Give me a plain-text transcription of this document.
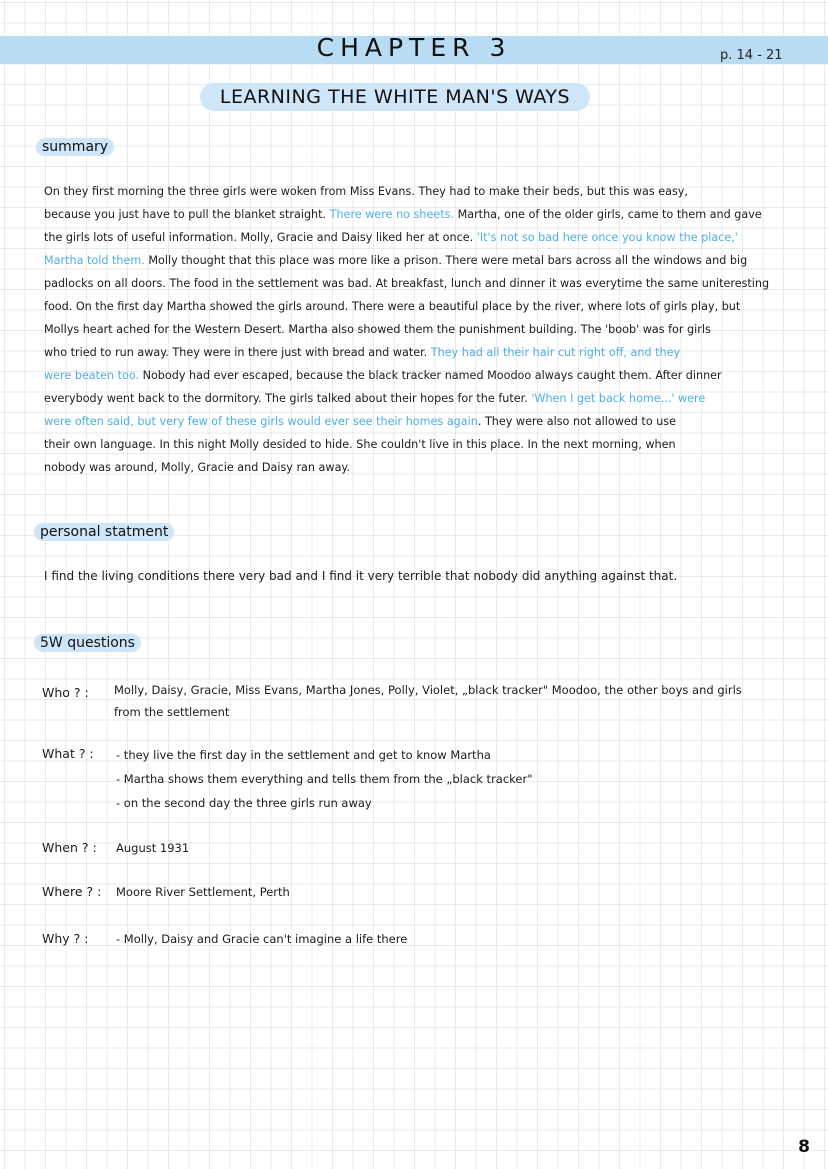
CHAPTER 3	p. 14 - 21
LEARNING THE WHITE MAN'S WAYS
summary
On they first morning the three girls were woken from Miss Evans. They had to make their beds, but this was easy,
because you just have to pull the blanket straight. There were no sheets. Martha, one of the older girls, came to them and gave
the girls lots of useful information. Molly, Gracie and Daisy liked her at once. 'It's not so bad here once you know the place,'
Martha told them. Molly thought that this place was more like a prison. There were metal bars across all the windows and big
padlocks on all doors. The food in the settlement was bad. At breakfast, lunch and dinner it was everytime the same uniteresting
food. On the first day Martha showed the girls around. There were a beautiful place by the river, where lots of girls play, but
Mollys heart ached for the Western Desert. Martha also showed them the punishment building. The 'boob' was for girls
who tried to run away. They were in there just with bread and water. They had all their hair cut right off, and they
were beaten too. Nobody had ever escaped, because the black tracker named Moodoo always caught them. After dinner
everybody went back to the dormitory. The girls talked about their hopes for the futer. 'When I get back home...' were
were often said, but very few of these girls would ever see their homes again. They were also not allowed to use
their own language. In this night Molly desided to hide. She couldn't live in this place. In the next morning, when
nobody was around, Molly, Gracie and Daisy ran away.
personal statment
I find the living conditions there very bad and I find it very terrible that nobody did anything against that.
5W questions
Who ? : Molly, Daisy, Gracie, Miss Evans, Martha Jones, Polly, Violet, „black tracker" Moodoo, the other boys and girls
from the settlement
What ? : - they live the first day in the settlement and get to know Martha
- Martha shows them everything and tells them from the „black tracker"
- on the second day the three girls run away
When ? : August 1931
Where ? : Moore River Settlement, Perth
Why ? : - Molly, Daisy and Gracie can't imagine a life there
8
